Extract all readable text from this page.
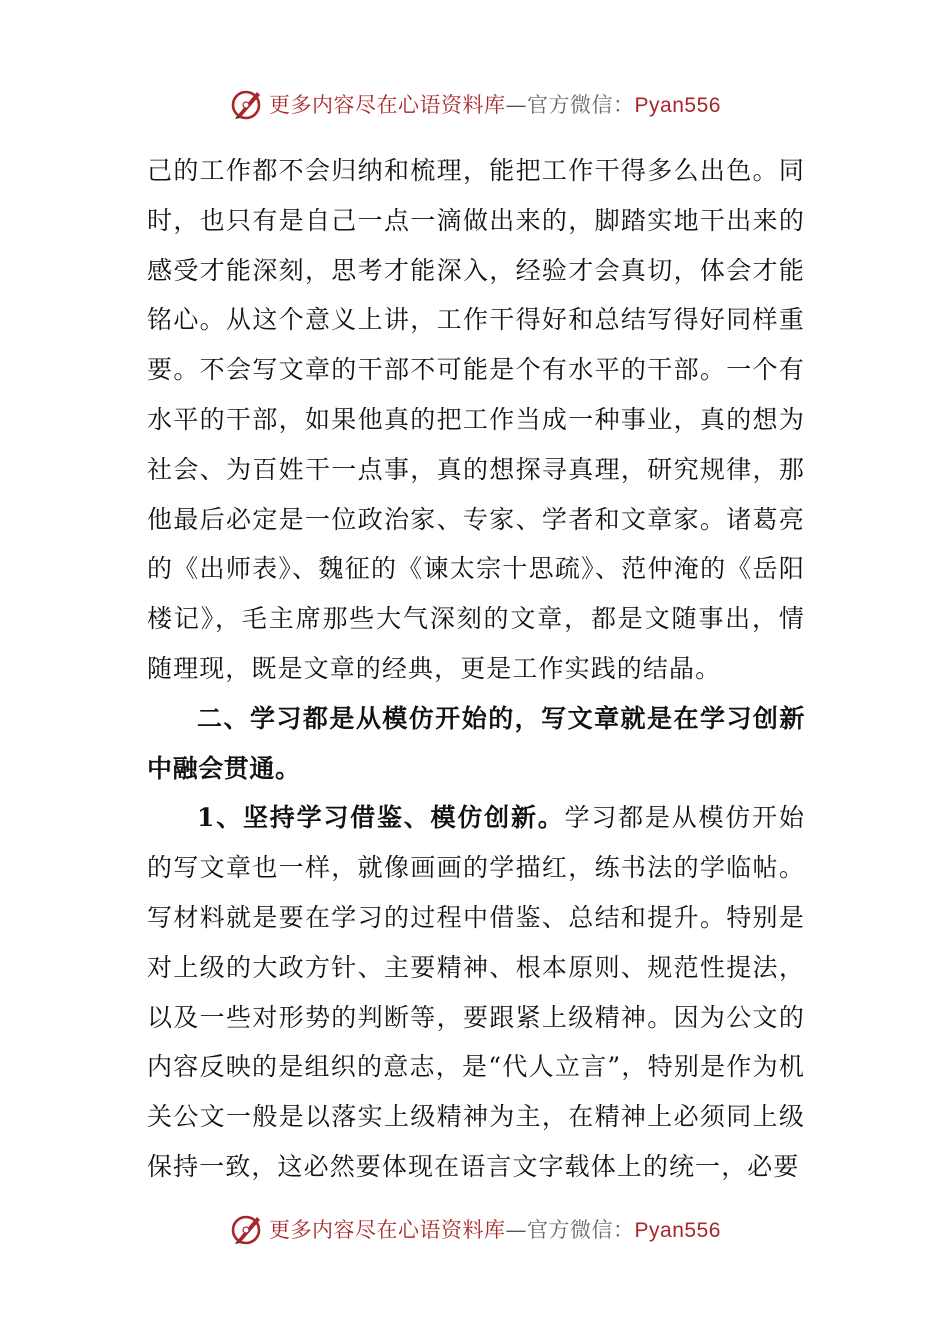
更多内容尽在心语资料库—官方微信：Pyan556

己的工作都不会归纳和梳理，能把工作干得多么出色。同时，也只有是自己一点一滴做出来的，脚踏实地干出来的感受才能深刻，思考才能深入，经验才会真切，体会才能铭心。从这个意义上讲，工作干得好和总结写得好同样重要。不会写文章的干部不可能是个有水平的干部。一个有水平的干部，如果他真的把工作当成一种事业，真的想为社会、为百姓干一点事，真的想探寻真理，研究规律，那他最后必定是一位政治家、专家、学者和文章家。诸葛亮的《出师表》、魏征的《谏太宗十思疏》、范仲淹的《岳阳楼记》，毛主席那些大气深刻的文章，都是文随事出，情随理现，既是文章的经典，更是工作实践的结晶。

二、学习都是从模仿开始的，写文章就是在学习创新中融会贯通。

1、坚持学习借鉴、模仿创新。学习都是从模仿开始的写文章也一样，就像画画的学描红，练书法的学临帖。写材料就是要在学习的过程中借鉴、总结和提升。特别是对上级的大政方针、主要精神、根本原则、规范性提法，以及一些对形势的判断等，要跟紧上级精神。因为公文的内容反映的是组织的意志，是“代人立言”，特别是作为机关公文一般是以落实上级精神为主，在精神上必须同上级保持一致，这必然要体现在语言文字载体上的统一，必要

更多内容尽在心语资料库—官方微信：Pyan556
